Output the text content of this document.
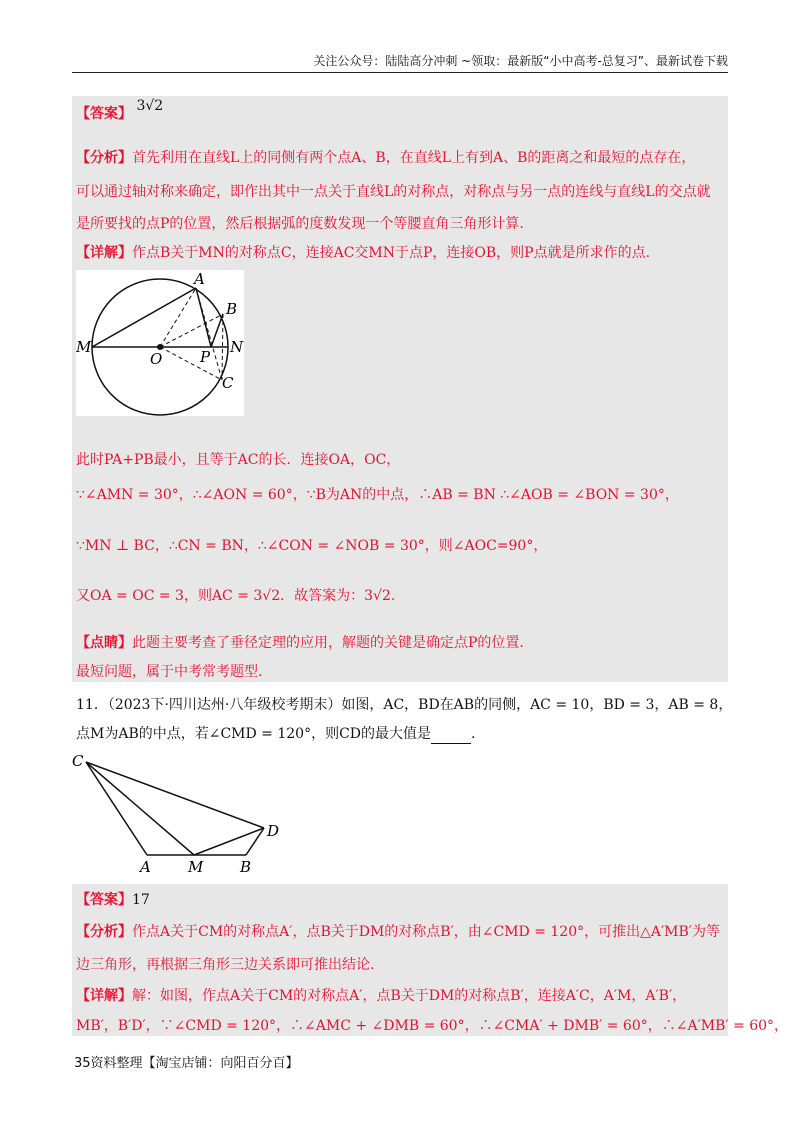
关注公众号：陆陆高分冲刺 ~领取：最新版“小中高考-总复习”、最新试卷下载
【答案】 3√2
【分析】首先利用在直线L上的同侧有两个点A、B，在直线L上有到A、B的距离之和最短的点存在，
可以通过轴对称来确定，即作出其中一点关于直线L的对称点，对称点与另一点的连线与直线L的交点就
是所要找的点P的位置，然后根据弧的度数发现一个等腰直角三角形计算.
【详解】作点B关于MN的对称点C，连接AC交MN于点P，连接OB，则P点就是所求作的点.
A
B
M
O	P
N
C
此时PA+PB最小，且等于AC的长．连接OA，OC，
∵∠AMN = 30°，∴∠AON = 60°，∵B为AN的中点，∴AB = BN ∴∠AOB = ∠BON = 30°，
∵MN ⊥ BC，∴CN = BN，∴∠CON = ∠NOB = 30°，则∠AOC=90°，
又OA = OC = 3，则AC = 3√2．故答案为：3√2.
【点睛】此题主要考查了垂径定理的应用，解题的关键是确定点P的位置.
最短问题，属于中考常考题型.
11．（2023下·四川达州·八年级校考期末）如图，AC，BD在AB的同侧，AC = 10，BD = 3，AB = 8，
点M为AB的中点，若∠CMD = 120°，则CD的最大值是	.
C
D
A M B
【答案】17
【分析】作点A关于CM的对称点A′，点B关于DM的对称点B′，由∠CMD = 120°，可推出△A′MB′为等
边三角形，再根据三角形三边关系即可推出结论.
【详解】解：如图，作点A关于CM的对称点A′，点B关于DM的对称点B′，连接A′C，A′M，A′B′，
MB′，B′D′，∵∠CMD = 120°，∴∠AMC + ∠DMB = 60°，∴∠CMA′ + DMB′ = 60°，∴∠A′MB′ = 60°，
35资料整理【淘宝店铺：向阳百分百】
